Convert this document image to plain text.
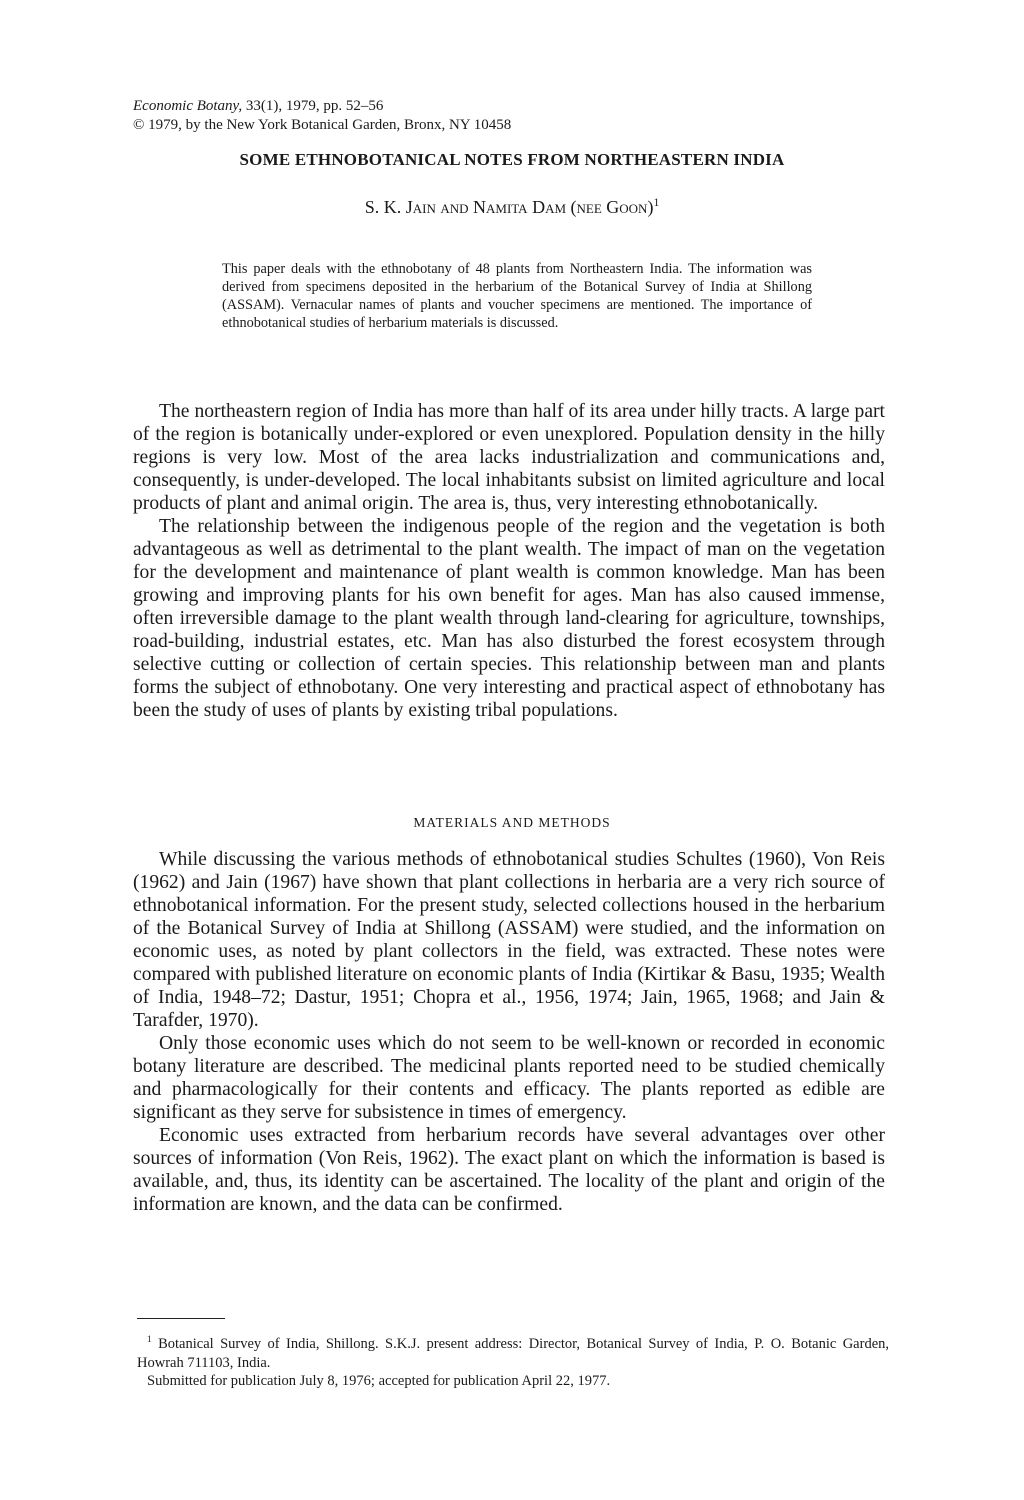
Economic Botany, 33(1), 1979, pp. 52–56
© 1979, by the New York Botanical Garden, Bronx, NY 10458
SOME ETHNOBOTANICAL NOTES FROM NORTHEASTERN INDIA
S. K. Jain and Namita Dam (nee Goon)$^1$
This paper deals with the ethnobotany of 48 plants from Northeastern India. The information was derived from specimens deposited in the herbarium of the Botanical Survey of India at Shillong (ASSAM). Vernacular names of plants and voucher specimens are mentioned. The importance of ethnobotanical studies of herbarium materials is discussed.

The northeastern region of India has more than half of its area under hilly tracts. A large part of the region is botanically under-explored or even unexplored. Population density in the hilly regions is very low. Most of the area lacks industrialization and communications and, consequently, is under-developed. The local inhabitants subsist on limited agriculture and local products of plant and animal origin. The area is, thus, very interesting ethnobotanically.

The relationship between the indigenous people of the region and the vegetation is both advantageous as well as detrimental to the plant wealth. The impact of man on the vegetation for the development and maintenance of plant wealth is common knowledge. Man has been growing and improving plants for his own benefit for ages. Man has also caused immense, often irreversible damage to the plant wealth through land-clearing for agriculture, townships, road-building, industrial estates, etc. Man has also disturbed the forest ecosystem through selective cutting or collection of certain species. This relationship between man and plants forms the subject of ethnobotany. One very interesting and practical aspect of ethnobotany has been the study of uses of plants by existing tribal populations.

MATERIALS AND METHODS

While discussing the various methods of ethnobotanical studies Schultes (1960), Von Reis (1962) and Jain (1967) have shown that plant collections in herbaria are a very rich source of ethnobotanical information. For the present study, selected collections housed in the herbarium of the Botanical Survey of India at Shillong (ASSAM) were studied, and the information on economic uses, as noted by plant collectors in the field, was extracted. These notes were compared with published literature on economic plants of India (Kirtikar & Basu, 1935; Wealth of India, 1948–72; Dastur, 1951; Chopra et al., 1956, 1974; Jain, 1965, 1968; and Jain & Tarafder, 1970).

Only those economic uses which do not seem to be well-known or recorded in economic botany literature are described. The medicinal plants reported need to be studied chemically and pharmacologically for their contents and efficacy. The plants reported as edible are significant as they serve for subsistence in times of emergency.

Economic uses extracted from herbarium records have several advantages over other sources of information (Von Reis, 1962). The exact plant on which the information is based is available, and, thus, its identity can be ascertained. The locality of the plant and origin of the information are known, and the data can be confirmed.

$^1$ Botanical Survey of India, Shillong. S.K.J. present address: Director, Botanical Survey of India, P. O. Botanic Garden, Howrah 711103, India.

Submitted for publication July 8, 1976; accepted for publication April 22, 1977.
